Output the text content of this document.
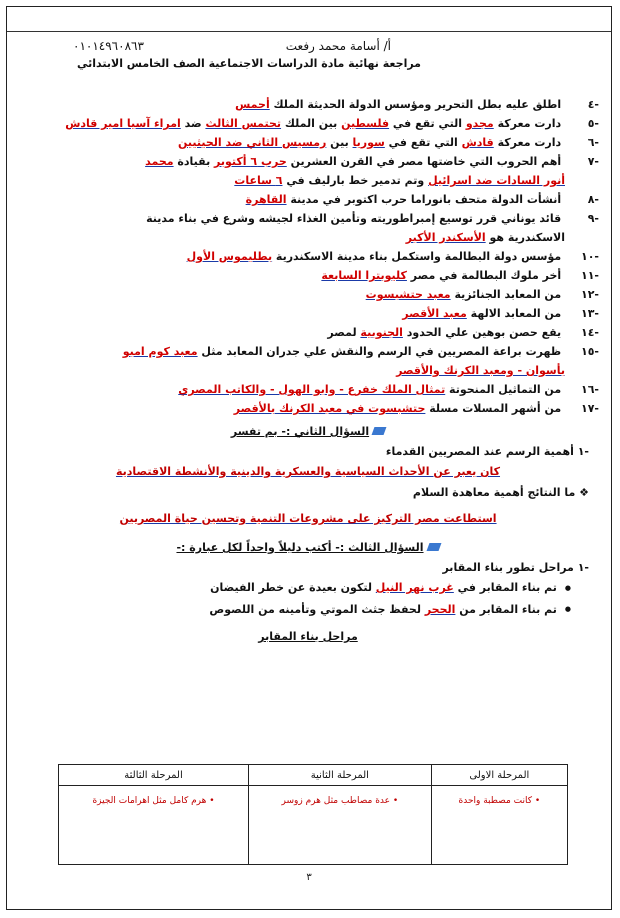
٠١٠١٤٩٦٠٨٦٣	أ/ أسامة محمد رفعت
مراجعة نهائية مادة الدراسات الاجتماعية الصف الخامس الابتدائي
-٤ اطلق عليه بطل التحرير ومؤسس الدولة الحديثة الملك أحمس
-٥ دارت معركة مجدو التي تقع في فلسطين بين الملك تحتمس الثالث ضد امراء آسيا امير قادش
-٦ دارت معركة قادش التي تقع في سوريا بين رمسيس الثاني ضد الحيثيين
-٧ أهم الحروب التي خاضتها مصر في القرن العشرين حرب ٦ أكتوبر بقيادة محمد
أنور السادات ضد اسرائيل وتم تدمير خط بارليف في ٦ ساعات
-٨ أنشأت الدولة متحف بانوراما حرب اكتوبر في مدينة القاهرة
-٩ قائد يوناني قرر توسيع إمبراطوريته وتأمين الغذاء لجيشه وشرع في بناء مدينة
الاسكندرية هو الأسكندر الأكبر
-١٠ مؤسس دولة البطالمة واستكمل بناء مدينة الاسكندرية بطليموس الأول
-١١ أخر ملوك البطالمة في مصر كليوبترا السابعة
-١٢ من المعابد الجنائزية معبد حتشبسوت
-١٣ من المعابد الالهة معبد الأقصر
-١٤ يقع حصن بوهين علي الحدود الجنوبية لمصر
-١٥ ظهرت براعة المصريين في الرسم والنقش علي جدران المعابد مثل معبد كوم امبو
بأسوان - ومعبد الكرنك والأقصر
-١٦ من التماثيل المنحوتة تمثال الملك خفرع - وابو الهول - والكاتب المصري
-١٧ من أشهر المسلات مسلة حتشبسوت في معبد الكرنك بالأقصر
السؤال الثاني :- بم تفسر
-١ أهمية الرسم عند المصريين القدماء
كان يعبر عن الأحداث السياسية والعسكرية والدينية والأنشطة الاقتصادية
❖ ما النتائج أهمية معاهدة السلام
استطاعت مصر التركيز على مشروعات التنمية وتحسين حياة المصريين
السؤال الثالث :- أكتب دليلاً واحداً لكل عبارة :-
-١ مراحل تطور بناء المقابر
● تم بناء المقابر في غرب نهر النيل لتكون بعيدة عن خطر الفيضان
● تم بناء المقابر من الحجر لحفظ جثث الموتي وتأمينه من اللصوص
مراحل بناء المقابر
٣
المرحلة الاولى	المرحلة الثانية	المرحلة الثالثة
• كانت مصطبة واحدة	• عدة مصاطب مثل هرم زوسر	• هرم كامل مثل اهرامات الجيزة
